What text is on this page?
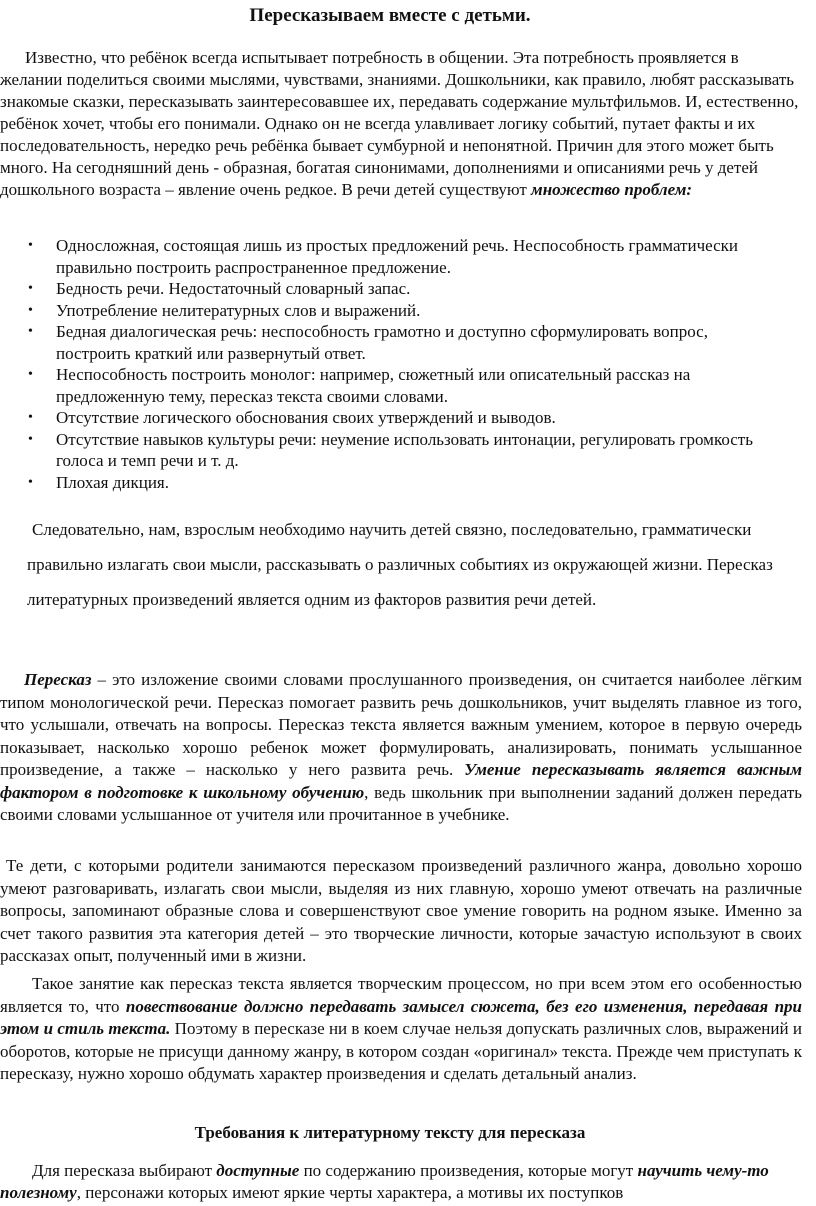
Пересказываем вместе с детьми.

Известно, что ребёнок всегда испытывает потребность в общении. Эта потребность проявляется в желании поделиться своими мыслями, чувствами, знаниями. Дошкольники, как правило, любят рассказывать знакомые сказки, пересказывать заинтересовавшее их, передавать содержание мультфильмов. И, естественно, ребёнок хочет, чтобы его понимали. Однако он не всегда улавливает логику событий, путает факты и их последовательность, нередко речь ребёнка бывает сумбурной и непонятной. Причин для этого может быть много. На сегодняшний день - образная, богатая синонимами, дополнениями и описаниями речь у детей дошкольного возраста – явление очень редкое. В речи детей существуют множество проблем:

• Односложная, состоящая лишь из простых предложений речь. Неспособность грамматически правильно построить распространенное предложение.
• Бедность речи. Недостаточный словарный запас.
• Употребление нелитературных слов и выражений.
• Бедная диалогическая речь: неспособность грамотно и доступно сформулировать вопрос, построить краткий или развернутый ответ.
• Неспособность построить монолог: например, сюжетный или описательный рассказ на предложенную тему, пересказ текста своими словами.
• Отсутствие логического обоснования своих утверждений и выводов.
• Отсутствие навыков культуры речи: неумение использовать интонации, регулировать громкость голоса и темп речи и т. д.
• Плохая дикция.

Следовательно, нам, взрослым необходимо научить детей связно, последовательно, грамматически правильно излагать свои мысли, рассказывать о различных событиях из окружающей жизни. Пересказ литературных произведений является одним из факторов развития речи детей.

Пересказ – это изложение своими словами прослушанного произведения, он считается наиболее лёгким типом монологической речи. Пересказ помогает развить речь дошкольников, учит выделять главное из того, что услышали, отвечать на вопросы. Пересказ текста является важным умением, которое в первую очередь показывает, насколько хорошо ребенок может формулировать, анализировать, понимать услышанное произведение, а также – насколько у него развита речь. Умение пересказывать является важным фактором в подготовке к школьному обучению, ведь школьник при выполнении заданий должен передать своими словами услышанное от учителя или прочитанное в учебнике.

Те дети, с которыми родители занимаются пересказом произведений различного жанра, довольно хорошо умеют разговаривать, излагать свои мысли, выделяя из них главную, хорошо умеют отвечать на различные вопросы, запоминают образные слова и совершенствуют свое умение говорить на родном языке. Именно за счет такого развития эта категория детей – это творческие личности, которые зачастую используют в своих рассказах опыт, полученный ими в жизни.

Такое занятие как пересказ текста является творческим процессом, но при всем этом его особенностью является то, что повествование должно передавать замысел сюжета, без его изменения, передавая при этом и стиль текста. Поэтому в пересказе ни в коем случае нельзя допускать различных слов, выражений и оборотов, которые не присущи данному жанру, в котором создан «оригинал» текста. Прежде чем приступать к пересказу, нужно хорошо обдумать характер произведения и сделать детальный анализ.

Требования к литературному тексту для пересказа

Для пересказа выбирают доступные по содержанию произведения, которые могут научить чему-то полезному, персонажи которых имеют яркие черты характера, а мотивы их поступков
